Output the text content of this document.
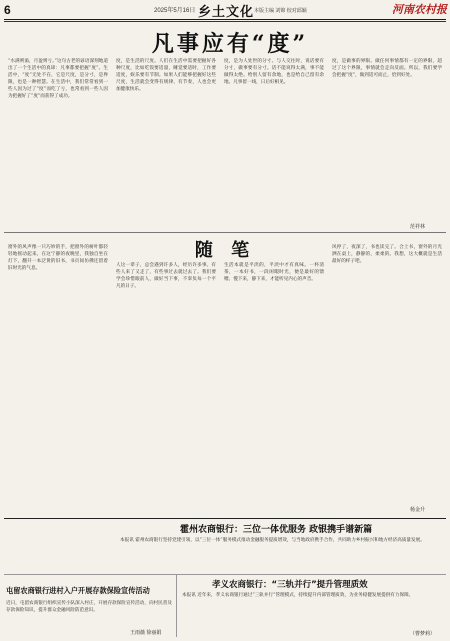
6	2025年5月16日 乡土文化 本版主编 刘锦 校对邱颖	河南农村报
凡事应有“度”
“水满则溢，月盈则亏。”这句古老的谚语深刻地道出了一个生活中的真谛：凡事都要把握“度”。生活中，“度”无处不在，它是尺度，是分寸，是界限，也是一种智慧。在生活中，我们常常看到一些人因为过了“度”而吃了亏，也常看到一些人因为把握好了“度”而获得了成功。
度，是生活的尺度。人们在生活中需要把握好各种尺度，比如吃饭要适量，睡觉要适时，工作要适度，娱乐要有节制。如果人们能够把握好这些尺度，生活就会变得有规律、有节奏，人也会更加健康快乐。
度，是为人处世的分寸。与人交往时，说话要有分寸，做事要有分寸。话不能说得太满，事不能做得太绝。给别人留有余地，也是给自己留有余地。凡事留一线，日后好相见。
度，是做事的界限。做任何事情都有一定的界限，超过了这个界限，事情就会走向反面。所以，我们要学会把握“度”，做到适可而止，恰到好处。
范祥林
随 笔
窗外的风声像一只巧妙的手，把窗外的树叶都轻轻地摇动起来。在这宁静的夜晚里，我独自坐在灯下，翻开一本泛黄的旧书，书页间仿佛还留着旧时光的气息。
人这一辈子，总会遇到许多人，经历许多事。有些人来了又走了，有些事过去就过去了。我们要学会珍惜眼前人，做好当下事，不辜负每一个平凡的日子。
生活本就是平淡的，平淡中才有真味。一杯清茶，一本好书，一段闲暇时光，便是最好的馈赠。慢下来，静下来，才能听见内心的声音。
风停了，夜深了，书也读完了。合上书，窗外的月光洒在桌上，静静的，柔柔的。我想，这大概就是生活最好的样子吧。
杨金升
霍州农商银行：三位一体优服务 政银携手谱新篇
本报讯 霍州农商银行坚持党建引领，以“三位一体”服务模式推动金融服务提质增效，与当地政府携手合作，共同助力乡村振兴和地方经济高质量发展。
屯留农商银行进村入户开展存款保险宣传活动
近日，屯留农商银行组织宣传小队深入村庄，开展存款保险宣传活动，向村民普及存款保险知识，提升群众金融风险防范意识。
王雨薇 徐丽娟
孝义农商银行：“三轨并行”提升管理质效
本报讯 近年来，孝义农商银行通过“三轨并行”管理模式，持续提升内部管理质效，为业务稳健发展提供有力保障。
（曹梦莉）
